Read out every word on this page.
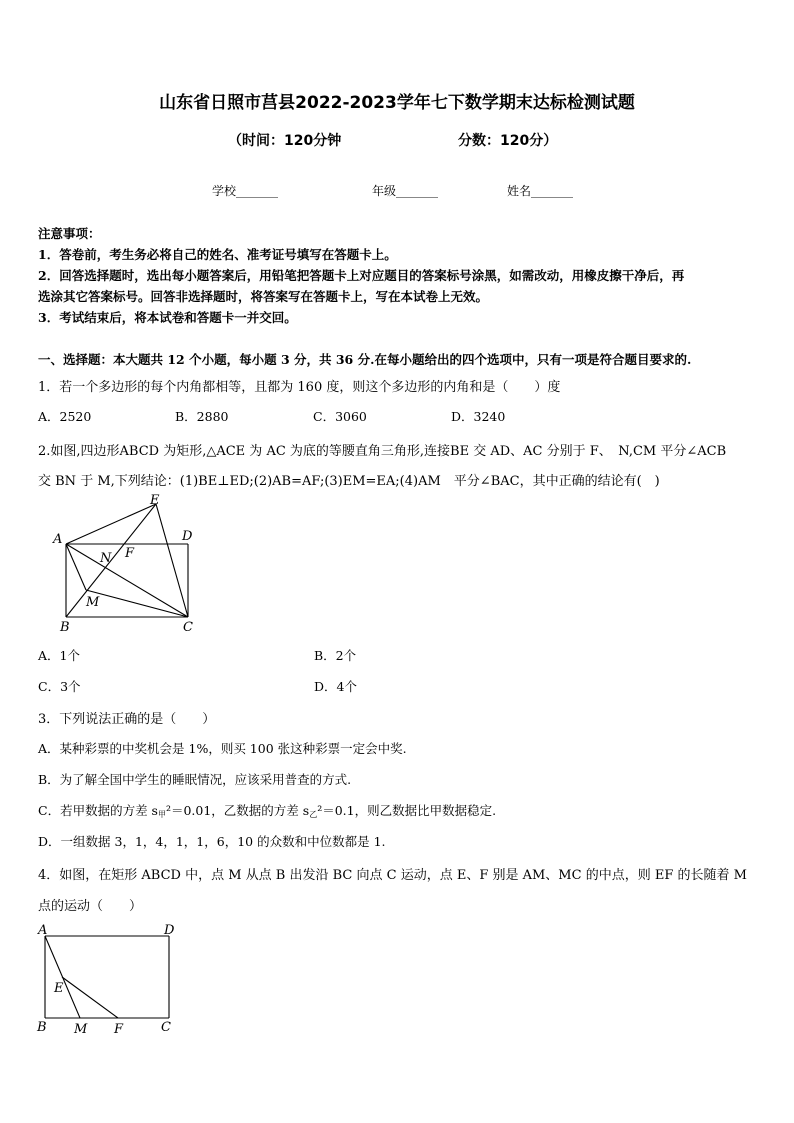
山东省日照市莒县2022-2023学年七下数学期末达标检测试题
（时间：120分钟	分数：120分）
学校_______	年级_______	姓名_______
注意事项：
1．答卷前，考生务必将自己的姓名、准考证号填写在答题卡上。
2．回答选择题时，选出每小题答案后，用铅笔把答题卡上对应题目的答案标号涂黑，如需改动，用橡皮擦干净后，再
选涂其它答案标号。回答非选择题时，将答案写在答题卡上，写在本试卷上无效。
3．考试结束后，将本试卷和答题卡一并交回。
一、选择题：本大题共 12 个小题，每小题 3 分，共 36 分.在每小题给出的四个选项中，只有一项是符合题目要求的.
1．若一个多边形的每个内角都相等，且都为 160 度，则这个多边形的内角和是（　　）度
A．2520	B．2880	C．3060	D．3240
2.如图,四边形ABCD 为矩形,△ACE 为 AC 为底的等腰直角三角形,连接BE 交 AD、AC 分别于 F、　N,CM 平分∠ACB
交 BN 于 M,下列结论：(1)BE⊥ED;(2)AB=AF;(3)EM=EA;(4)AM　平分∠BAC，其中正确的结论有(　)
A
E
D
N F
M
B	C
A．1个	B．2个
C．3个	D．4个
3．下列说法正确的是（　　）
A．某种彩票的中奖机会是 1%，则买 100 张这种彩票一定会中奖.
B．为了解全国中学生的睡眠情况，应该采用普查的方式.
C．若甲数据的方差 $s_甲^2=0.01$，乙数据的方差 $s_乙^2=0.1$，则乙数据比甲数据稳定.
D．一组数据 3，1，4，1，1，6，10 的众数和中位数都是 1.
4．如图，在矩形 ABCD 中，点 M 从点 B 出发沿 BC 向点 C 运动，点 E、F 别是 AM、MC 的中点，则 EF 的长随着 M
点的运动（　　）
A	D
E
B M F	C
